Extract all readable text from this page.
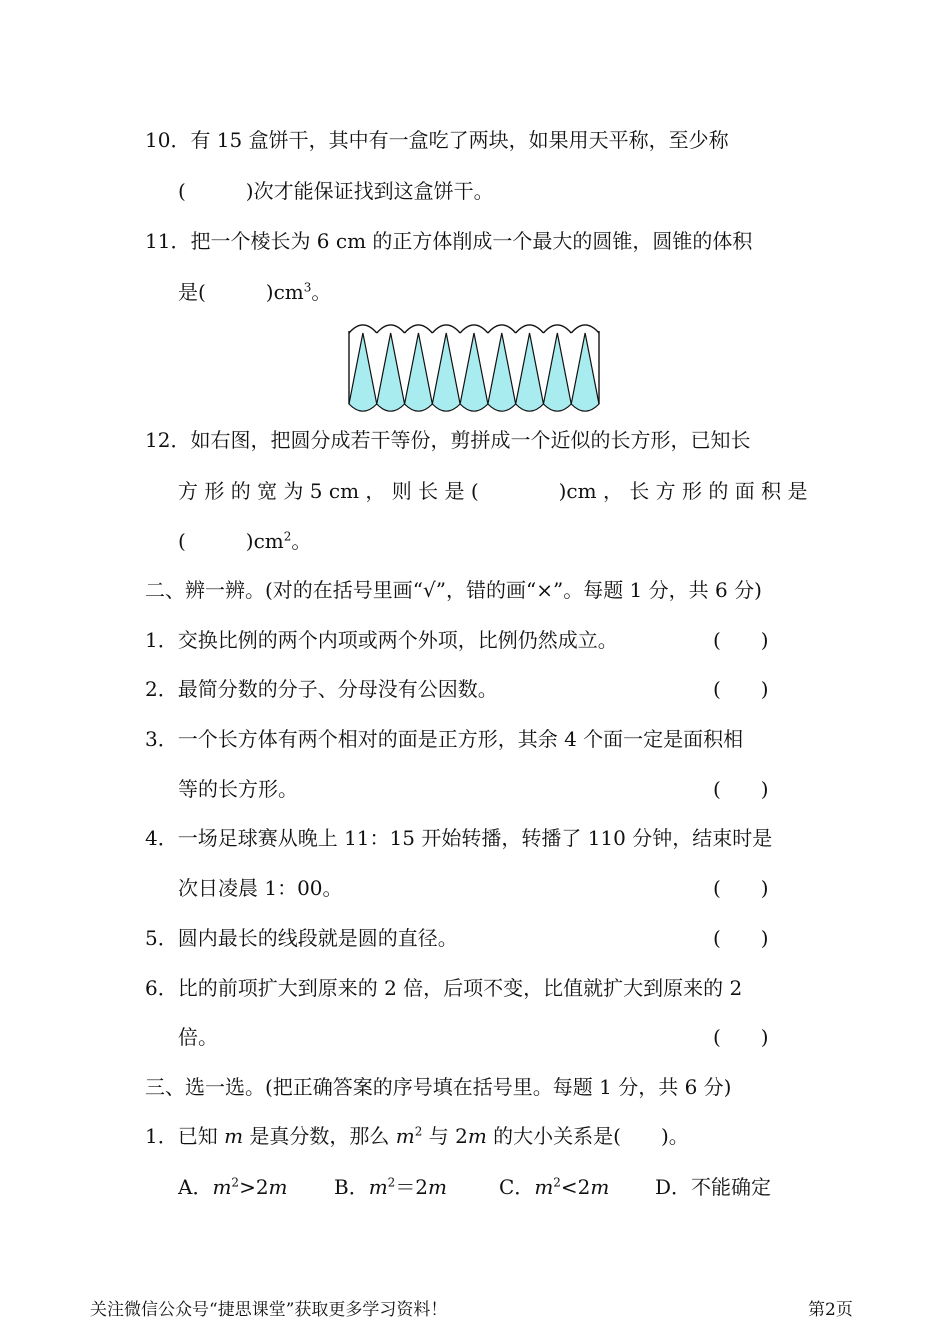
10．有 15 盒饼干，其中有一盒吃了两块，如果用天平称，至少称
(　　　)次才能保证找到这盒饼干。
11．把一个棱长为 6 cm 的正方体削成一个最大的圆锥，圆锥的体积
是(　　　)$cm^3$。
12．如右图，把圆分成若干等份，剪拼成一个近似的长方形，已知长
方 形 的 宽 为 5 cm ， 则 长 是 (　　　　)cm ， 长 方 形 的 面 积 是
(　　　)$cm^2$。
二、辨一辨。(对的在括号里画“√”，错的画“×”。每题 1 分，共 6 分)
1．交换比例的两个内项或两个外项，比例仍然成立。	(　　)
2．最简分数的分子、分母没有公因数。	(　　)
3．一个长方体有两个相对的面是正方形，其余 4 个面一定是面积相
等的长方形。	(　　)
4．一场足球赛从晚上 11：15 开始转播，转播了 110 分钟，结束时是
次日凌晨 1：00。	(　　)
5．圆内最长的线段就是圆的直径。	(　　)
6．比的前项扩大到原来的 2 倍，后项不变，比值就扩大到原来的 2
倍。	(　　)
三、选一选。(把正确答案的序号填在括号里。每题 1 分，共 6 分)
1．已知 m 是真分数，那么 $m^2$ 与 2m 的大小关系是(　　)。
A．$m^2>2m$ B．$m^2=2m$	C．$m^2<2m$ D．不能确定
关注微信公众号“捷思课堂”获取更多学习资料！	第2页
